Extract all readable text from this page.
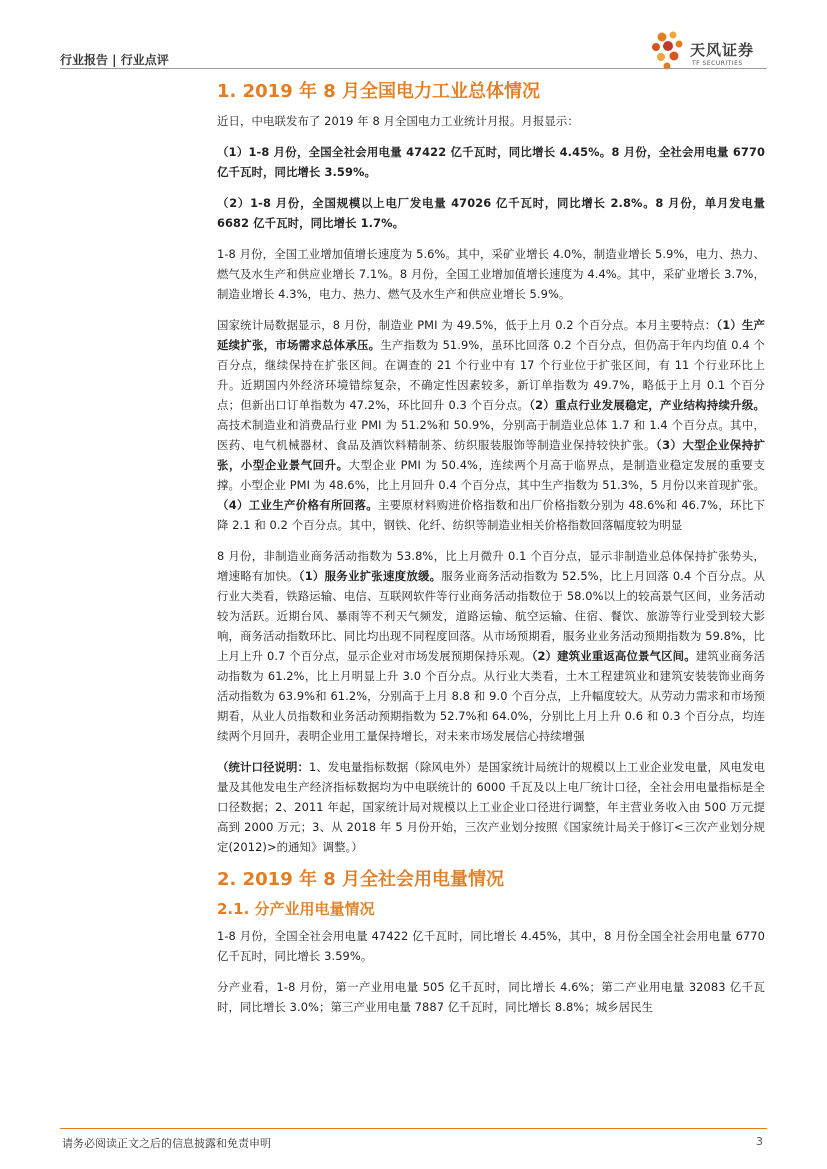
行业报告 | 行业点评
天风证券
TF SECURITIES
1. 2019 年 8 月全国电力工业总体情况

近日，中电联发布了 2019 年 8 月全国电力工业统计月报。月报显示：

（1）1-8 月份，全国全社会用电量 47422 亿千瓦时，同比增长 4.45%。8 月份，全社会用电量 6770 亿千瓦时，同比增长 3.59%。

（2）1-8 月份，全国规模以上电厂发电量 47026 亿千瓦时，同比增长 2.8%。8 月份，单月发电量 6682 亿千瓦时，同比增长 1.7%。

1-8 月份，全国工业增加值增长速度为 5.6%。其中，采矿业增长 4.0%，制造业增长 5.9%，电力、热力、燃气及水生产和供应业增长 7.1%。8 月份，全国工业增加值增长速度为 4.4%。其中，采矿业增长 3.7%，制造业增长 4.3%，电力、热力、燃气及水生产和供应业增长 5.9%。

国家统计局数据显示，8 月份，制造业 PMI 为 49.5%，低于上月 0.2 个百分点。本月主要特点：（1）生产延续扩张，市场需求总体承压。生产指数为 51.9%，虽环比回落 0.2 个百分点，但仍高于年内均值 0.4 个百分点，继续保持在扩张区间。在调查的 21 个行业中有 17 个行业位于扩张区间，有 11 个行业环比上升。近期国内外经济环境错综复杂，不确定性因素较多，新订单指数为 49.7%，略低于上月 0.1 个百分点；但新出口订单指数为 47.2%，环比回升 0.3 个百分点。（2）重点行业发展稳定，产业结构持续升级。高技术制造业和消费品行业 PMI 为 51.2%和 50.9%，分别高于制造业总体 1.7 和 1.4 个百分点。其中，医药、电气机械器材、食品及酒饮料精制茶、纺织服装服饰等制造业保持较快扩张。（3）大型企业保持扩张，小型企业景气回升。大型企业 PMI 为 50.4%，连续两个月高于临界点，是制造业稳定发展的重要支撑。小型企业 PMI 为 48.6%，比上月回升 0.4 个百分点，其中生产指数为 51.3%，5 月份以来首现扩张。（4）工业生产价格有所回落。主要原材料购进价格指数和出厂价格指数分别为 48.6%和 46.7%，环比下降 2.1 和 0.2 个百分点。其中，钢铁、化纤、纺织等制造业相关价格指数回落幅度较为明显

8 月份，非制造业商务活动指数为 53.8%，比上月微升 0.1 个百分点，显示非制造业总体保持扩张势头，增速略有加快。（1）服务业扩张速度放缓。服务业商务活动指数为 52.5%，比上月回落 0.4 个百分点。从行业大类看，铁路运输、电信、互联网软件等行业商务活动指数位于 58.0%以上的较高景气区间，业务活动较为活跃。近期台风、暴雨等不利天气频发，道路运输、航空运输、住宿、餐饮、旅游等行业受到较大影响，商务活动指数环比、同比均出现不同程度回落。从市场预期看，服务业业务活动预期指数为 59.8%，比上月上升 0.7 个百分点，显示企业对市场发展预期保持乐观。（2）建筑业重返高位景气区间。建筑业商务活动指数为 61.2%，比上月明显上升 3.0 个百分点。从行业大类看，土木工程建筑业和建筑安装装饰业商务活动指数为 63.9%和 61.2%，分别高于上月 8.8 和 9.0 个百分点，上升幅度较大。从劳动力需求和市场预期看，从业人员指数和业务活动预期指数为 52.7%和 64.0%，分别比上月上升 0.6 和 0.3 个百分点，均连续两个月回升，表明企业用工量保持增长，对未来市场发展信心持续增强

（统计口径说明：1、发电量指标数据（除风电外）是国家统计局统计的规模以上工业企业发电量，风电发电量及其他发电生产经济指标数据均为中电联统计的 6000 千瓦及以上电厂统计口径，全社会用电量指标是全口径数据；2、2011 年起，国家统计局对规模以上工业企业口径进行调整，年主营业务收入由 500 万元提高到 2000 万元；3、从 2018 年 5 月份开始，三次产业划分按照《国家统计局关于修订<三次产业划分规定(2012)>的通知》调整。）

2. 2019 年 8 月全社会用电量情况
2.1. 分产业用电量情况

1-8 月份，全国全社会用电量 47422 亿千瓦时，同比增长 4.45%，其中，8 月份全国全社会用电量 6770 亿千瓦时，同比增长 3.59%。

分产业看，1-8 月份，第一产业用电量 505 亿千瓦时，同比增长 4.6%；第二产业用电量 32083 亿千瓦时，同比增长 3.0%；第三产业用电量 7887 亿千瓦时，同比增长 8.8%；城乡居民生

请务必阅读正文之后的信息披露和免责申明	3
